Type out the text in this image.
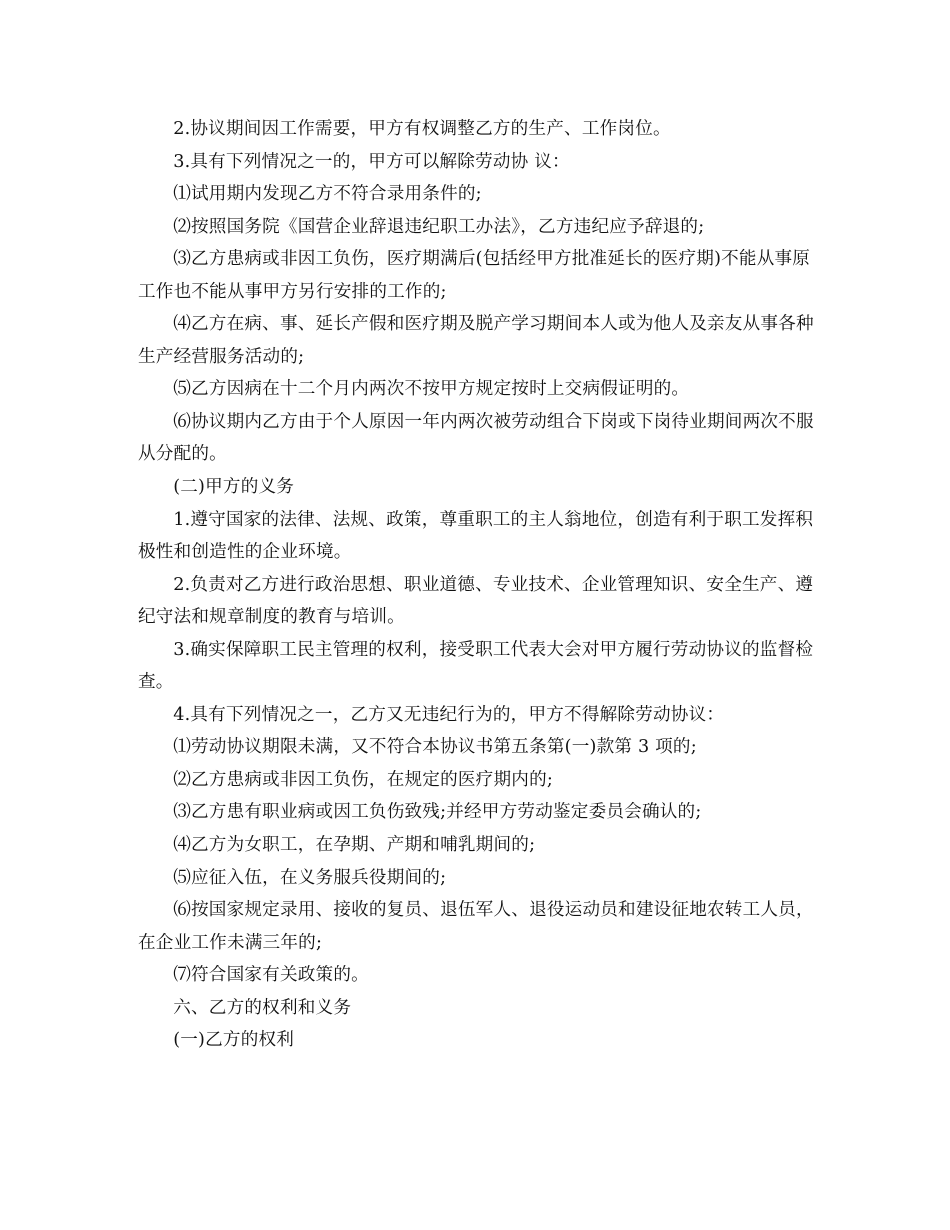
2.协议期间因工作需要，甲方有权调整乙方的生产、工作岗位。

3.具有下列情况之一的，甲方可以解除劳动协 议：

⑴试用期内发现乙方不符合录用条件的;

⑵按照国务院《国营企业辞退违纪职工办法》，乙方违纪应予辞退的;

⑶乙方患病或非因工负伤，医疗期满后(包括经甲方批准延长的医疗期)不能从事原工作也不能从事甲方另行安排的工作的;

⑷乙方在病、事、延长产假和医疗期及脱产学习期间本人或为他人及亲友从事各种生产经营服务活动的;

⑸乙方因病在十二个月内两次不按甲方规定按时上交病假证明的。

⑹协议期内乙方由于个人原因一年内两次被劳动组合下岗或下岗待业期间两次不服从分配的。

(二)甲方的义务

1.遵守国家的法律、法规、政策，尊重职工的主人翁地位，创造有利于职工发挥积极性和创造性的企业环境。

2.负责对乙方进行政治思想、职业道德、专业技术、企业管理知识、安全生产、遵纪守法和规章制度的教育与培训。

3.确实保障职工民主管理的权利，接受职工代表大会对甲方履行劳动协议的监督检查。

4.具有下列情况之一，乙方又无违纪行为的，甲方不得解除劳动协议：

⑴劳动协议期限未满，又不符合本协议书第五条第(一)款第 3 项的;

⑵乙方患病或非因工负伤，在规定的医疗期内的;

⑶乙方患有职业病或因工负伤致残;并经甲方劳动鉴定委员会确认的;

⑷乙方为女职工，在孕期、产期和哺乳期间的;

⑸应征入伍，在义务服兵役期间的;

⑹按国家规定录用、接收的复员、退伍军人、退役运动员和建设征地农转工人员，在企业工作未满三年的;

⑺符合国家有关政策的。

六、乙方的权利和义务

(一)乙方的权利
